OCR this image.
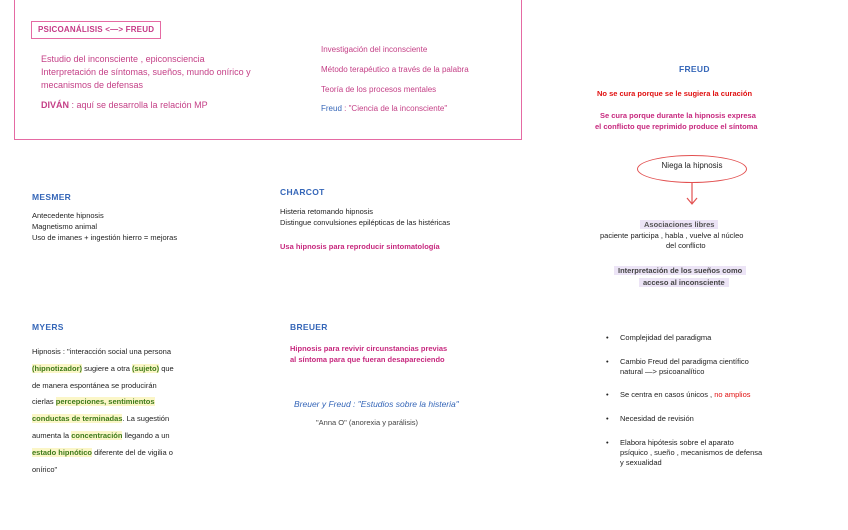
PSICOANÁLISIS <—> FREUD
Estudio del inconsciente , epiconsciencia
Interpretación de síntomas, sueños, mundo onírico y
mecanismos de defensas
DIVÁN : aquí se desarrolla la relación MP
Investigación del inconsciente
Método terapéutico a través de la palabra
Teoría de los procesos mentales
Freud : "Ciencia de la inconsciente"
FREUD
No se cura porque se le sugiera la curación
Se cura porque durante la hipnosis expresa
el conflicto que reprimido produce el síntoma
Niega la hipnosis
Asociaciones libres
paciente participa , habla , vuelve al núcleo
del conflicto
Interpretación de los sueños como
acceso al inconsciente
MESMER
Antecedente hipnosis
Magnetismo animal
Uso de imanes + ingestión hierro = mejoras
CHARCOT
Histeria retomando hipnosis
Distingue convulsiones epilépticas de las histéricas
Usa hipnosis para reproducir sintomatología
MYERS
Hipnosis : "interacción social una persona
(hipnotizador) sugiere a otra (sujeto) que
de manera espontánea se producirán
cierlas percepciones, sentimientos
conductas de terminadas. La sugestión
aumenta la concentración llegando a un
estado hipnótico diferente del de vigilia o
onírico"
BREUER
Hipnosis para revivir circunstancias previas
al síntoma para que fueran desapareciendo
Breuer y Freud : "Estudios sobre la histeria"
"Anna O" (anorexia y parálisis)
• Complejidad del paradigma
• Cambio Freud del paradigma científico
natural —> psicoanalítico
• Se centra en casos únicos , no amplios
• Necesidad de revisión
• Elabora hipótesis sobre el aparato
psíquico , sueño , mecanismos de defensa
y sexualidad
